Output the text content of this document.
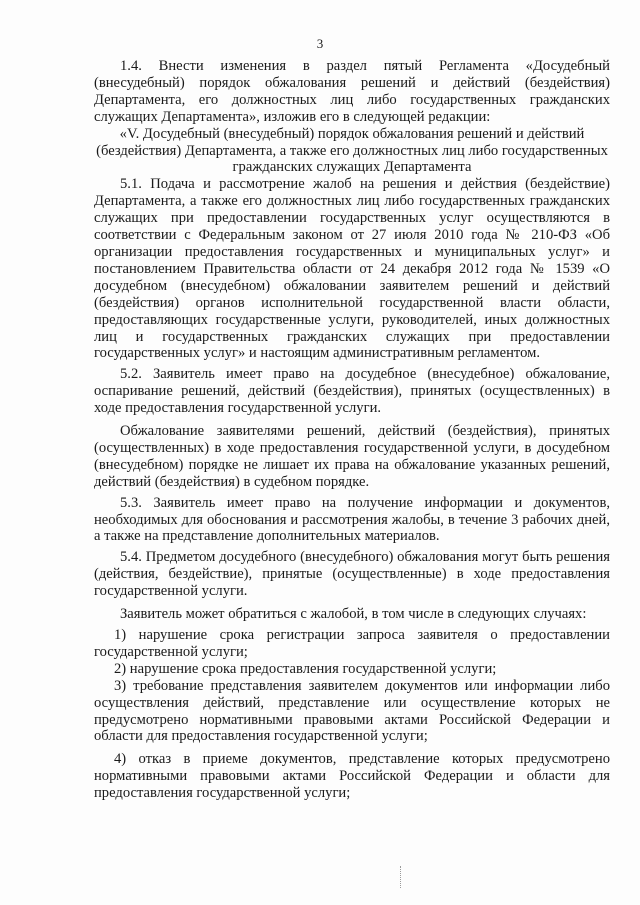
3

1.4. Внести изменения в раздел пятый Регламента «Досудебный (внесудебный) порядок обжалования решений и действий (бездействия) Департамента, его должностных лиц либо государственных гражданских служащих Департамента», изложив его в следующей редакции:

«V. Досудебный (внесудебный) порядок обжалования решений и действий (бездействия) Департамента, а также его должностных лиц либо государственных гражданских служащих Департамента

5.1. Подача и рассмотрение жалоб на решения и действия (бездействие) Департамента, а также его должностных лиц либо государственных гражданских служащих при предоставлении государственных услуг осуществляются в соответствии с Федеральным законом от 27 июля 2010 года № 210-ФЗ «Об организации предоставления государственных и муниципальных услуг» и постановлением Правительства области от 24 декабря 2012 года № 1539 «О досудебном (внесудебном) обжаловании заявителем решений и действий (бездействия) органов исполнительной государственной власти области, предоставляющих государственные услуги, руководителей, иных должностных лиц и государственных гражданских служащих при предоставлении государственных услуг» и настоящим административным регламентом.

5.2. Заявитель имеет право на досудебное (внесудебное) обжалование, оспаривание решений, действий (бездействия), принятых (осуществленных) в ходе предоставления государственной услуги.

Обжалование заявителями решений, действий (бездействия), принятых (осуществленных) в ходе предоставления государственной услуги, в досудебном (внесудебном) порядке не лишает их права на обжалование указанных решений, действий (бездействия) в судебном порядке.

5.3. Заявитель имеет право на получение информации и документов, необходимых для обоснования и рассмотрения жалобы, в течение 3 рабочих дней, а также на представление дополнительных материалов.

5.4. Предметом досудебного (внесудебного) обжалования могут быть решения (действия, бездействие), принятые (осуществленные) в ходе предоставления государственной услуги.

Заявитель может обратиться с жалобой, в том числе в следующих случаях:

1) нарушение срока регистрации запроса заявителя о предоставлении государственной услуги;

2) нарушение срока предоставления государственной услуги;

3) требование представления заявителем документов или информации либо осуществления действий, представление или осуществление которых не предусмотрено нормативными правовыми актами Российской Федерации и области для предоставления государственной услуги;

4) отказ в приеме документов, представление которых предусмотрено нормативными правовыми актами Российской Федерации и области для предоставления государственной услуги;
